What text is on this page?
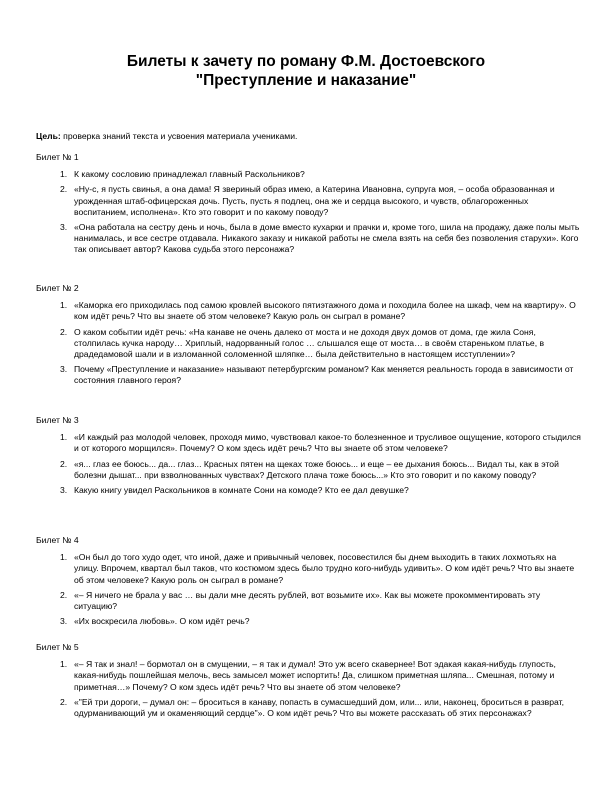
Билеты к зачету по роману Ф.М. Достоевского
"Преступление и наказание"
Цель: проверка знаний текста и усвоения материала учениками.
Билет № 1
1. К какому сословию принадлежал главный Раскольников?
2. «Ну-с, я пусть свинья, а она дама! Я звериный образ имею, а Катерина Ивановна, супруга моя, – особа образованная и урожденная штаб-офицерская дочь. Пусть, пусть я подлец, она же и сердца высокого, и чувств, облагороженных воспитанием, исполнена». Кто это говорит и по какому поводу?
3. «Она работала на сестру день и ночь, была в доме вместо кухарки и прачки и, кроме того, шила на продажу, даже полы мыть нанималась, и все сестре отдавала. Никакого заказу и никакой работы не смела взять на себя без позволения старухи». Кого так описывает автор? Какова судьба этого персонажа?
Билет № 2
1. «Каморка его приходилась под самою кровлей высокого пятиэтажного дома и походила более на шкаф, чем на квартиру». О ком идёт речь? Что вы знаете об этом человеке? Какую роль он сыграл в романе?
2. О каком событии идёт речь: «На канаве не очень далеко от моста и не доходя двух домов от дома, где жила Соня, столпилась кучка народу… Хриплый, надорванный голос … слышался еще от моста… в своём стареньком платье, в драдедамовой шали и в изломанной соломенной шляпке… была действительно в настоящем исступлении»?
3. Почему «Преступление и наказание» называют петербургским романом? Как меняется реальность города в зависимости от состояния главного героя?
Билет № 3
1. «И каждый раз молодой человек, проходя мимо, чувствовал какое-то болезненное и трусливое ощущение, которого стыдился и от которого морщился». Почему? О ком здесь идёт речь? Что вы знаете об этом человеке?
2. «я... глаз ее боюсь... да... глаз... Красных пятен на щеках тоже боюсь... и еще – ее дыхания боюсь... Видал ты, как в этой болезни дышат... при взволнованных чувствах? Детского плача тоже боюсь...» Кто это говорит и по какому поводу?
3. Какую книгу увидел Раскольников в комнате Сони на комоде? Кто ее дал девушке?
Билет № 4
1. «Он был до того худо одет, что иной, даже и привычный человек, посовестился бы днем выходить в таких лохмотьях на улицу. Впрочем, квартал был таков, что костюмом здесь было трудно кого-нибудь удивить». О ком идёт речь? Что вы знаете об этом человеке? Какую роль он сыграл в романе?
2. «– Я ничего не брала у вас … вы дали мне десять рублей, вот возьмите их». Как вы можете прокомментировать эту ситуацию?
3. «Их воскресила любовь». О ком идёт речь?
Билет № 5
1. «– Я так и знал! – бормотал он в смущении, – я так и думал! Это уж всего скавернее! Вот эдакая какая-нибудь глупость, какая-нибудь пошлейшая мелочь, весь замысел может испортить! Да, слишком приметная шляпа... Смешная, потому и приметная…» Почему? О ком здесь идёт речь? Что вы знаете об этом человеке?
2. «"Ей три дороги, – думал он: – броситься в канаву, попасть в сумасшедший дом, или... или, наконец, броситься в разврат, одурманивающий ум и окаменяющий сердце"». О ком идёт речь? Что вы можете рассказать об этих персонажах?
